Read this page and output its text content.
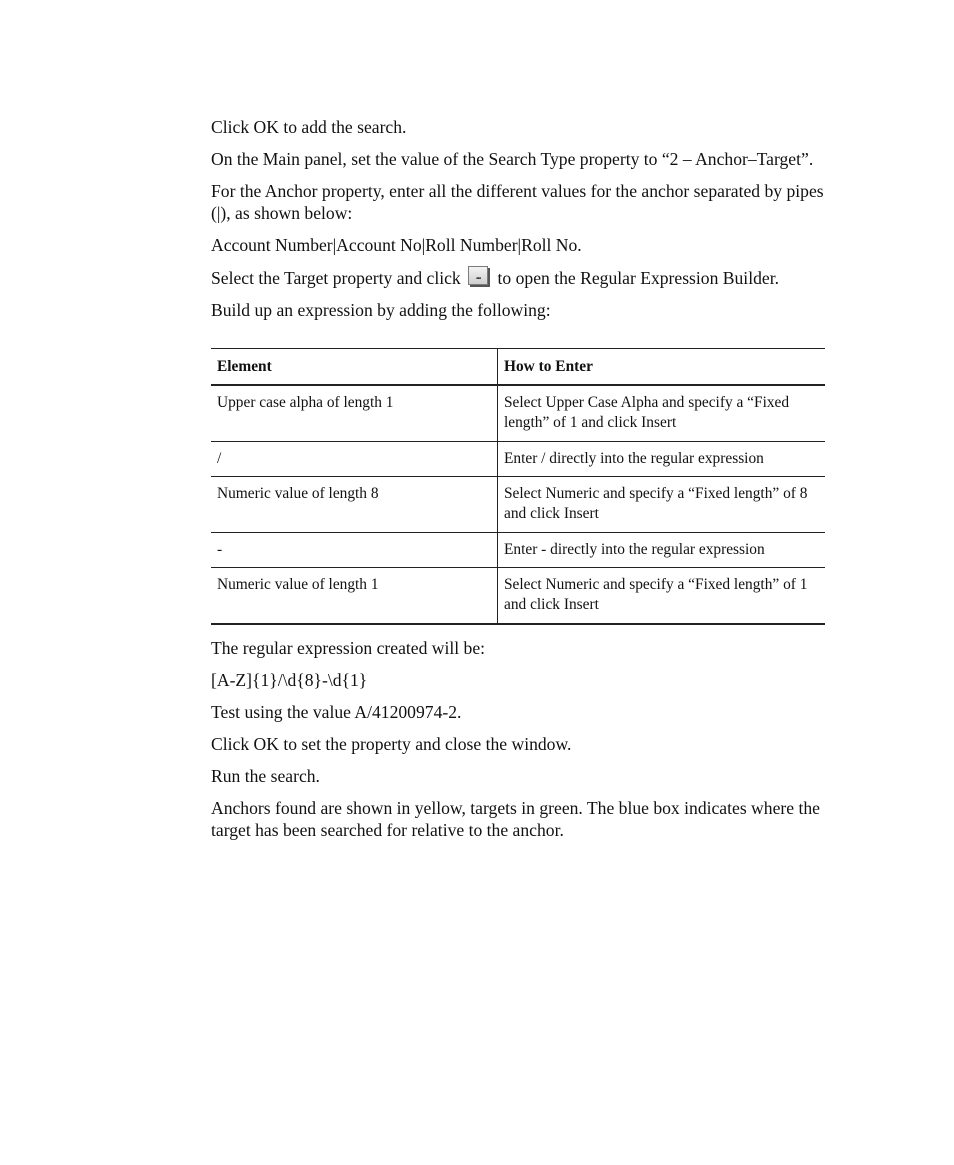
Click OK to add the search.

On the Main panel, set the value of the Search Type property to “2 – Anchor–Target”.

For the Anchor property, enter all the different values for the anchor separated by pipes (|), as shown below:

Account Number|Account No|Roll Number|Roll No.

Select the Target property and click	... to open the Regular Expression Builder.

Build up an expression by adding the following:

Element	How to Enter
Upper case alpha of length 1	Select Upper Case Alpha and specify a “Fixed length” of 1 and click Insert
/	Enter / directly into the regular expression
Numeric value of length 8	Select Numeric and specify a “Fixed length” of 8 and click Insert
-	Enter - directly into the regular expression
Numeric value of length 1	Select Numeric and specify a “Fixed length” of 1 and click Insert

The regular expression created will be:

[A-Z]{1}/\d{8}-\d{1}

Test using the value A/41200974-2.

Click OK to set the property and close the window.

Run the search.

Anchors found are shown in yellow, targets in green. The blue box indicates where the target has been searched for relative to the anchor.
